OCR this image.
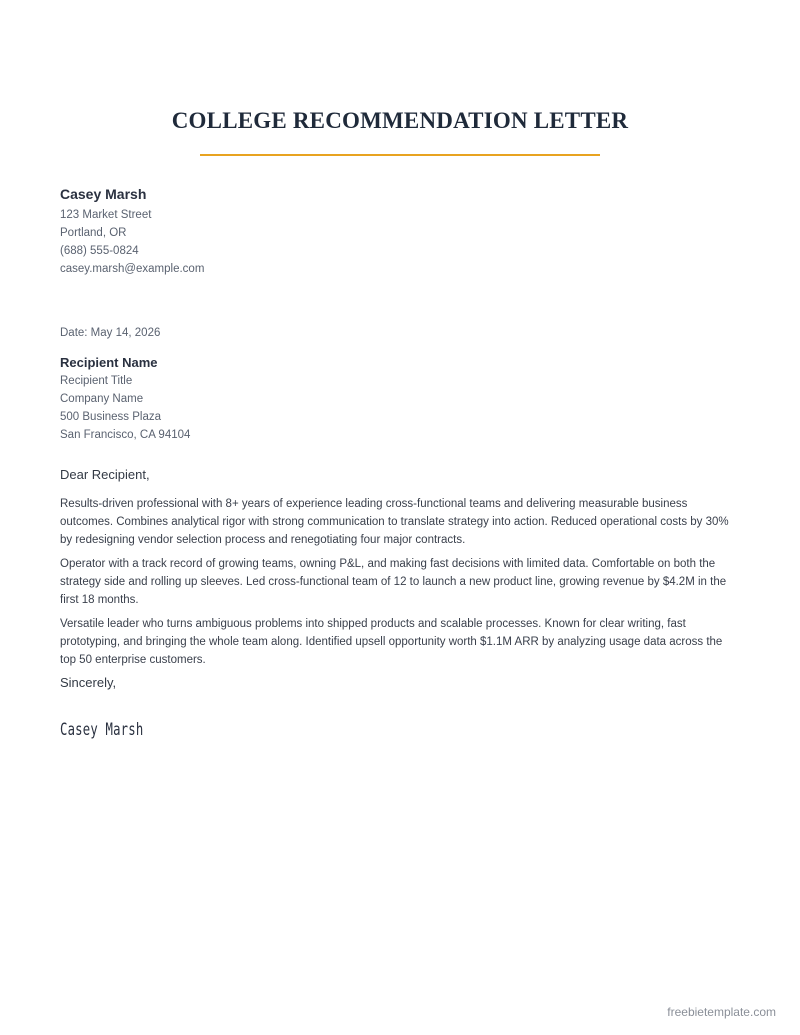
COLLEGE RECOMMENDATION LETTER
Casey Marsh
123 Market Street
Portland, OR
(688) 555-0824
casey.marsh@example.com
Date: May 14, 2026
Recipient Name
Recipient Title
Company Name
500 Business Plaza
San Francisco, CA 94104
Dear Recipient,

Results-driven professional with 8+ years of experience leading cross-functional teams and delivering measurable business outcomes. Combines analytical rigor with strong communication to translate strategy into action. Reduced operational costs by 30% by redesigning vendor selection process and renegotiating four major contracts.

Operator with a track record of growing teams, owning P&L, and making fast decisions with limited data. Comfortable on both the strategy side and rolling up sleeves. Led cross-functional team of 12 to launch a new product line, growing revenue by $4.2M in the first 18 months.

Versatile leader who turns ambiguous problems into shipped products and scalable processes. Known for clear writing, fast prototyping, and bringing the whole team along. Identified upsell opportunity worth $1.1M ARR by analyzing usage data across the top 50 enterprise customers.

Sincerely,
Casey Marsh
freebietemplate.com
